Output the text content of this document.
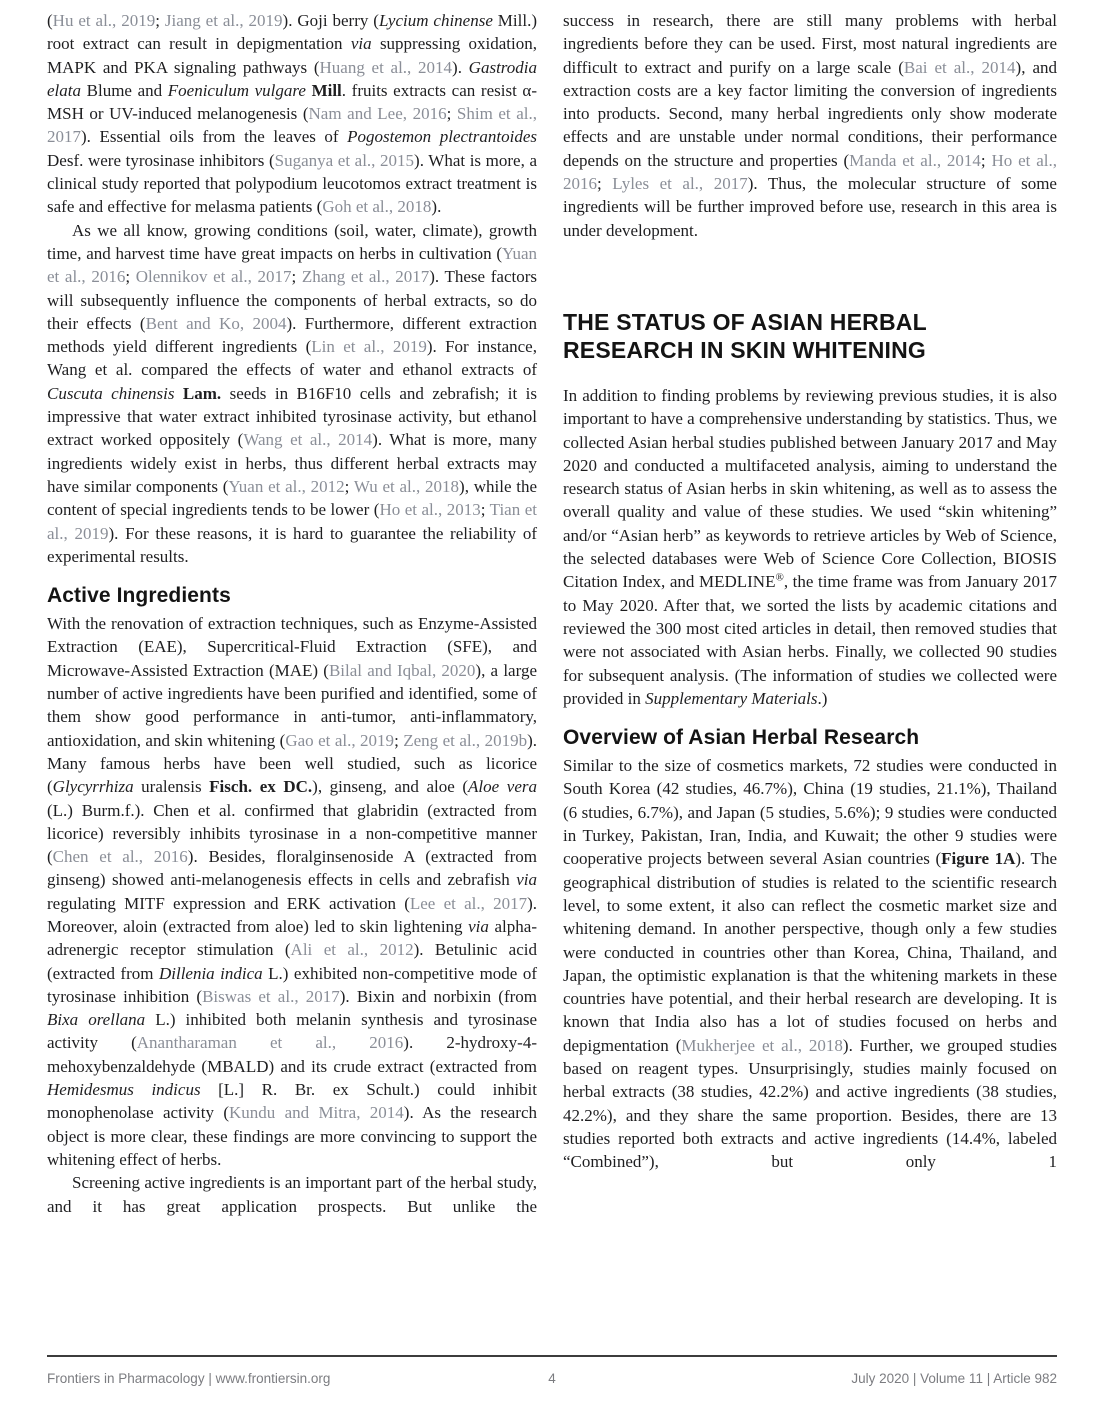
(Hu et al., 2019; Jiang et al., 2019). Goji berry (Lycium chinense Mill.) root extract can result in depigmentation via suppressing oxidation, MAPK and PKA signaling pathways (Huang et al., 2014). Gastrodia elata Blume and Foeniculum vulgare Mill. fruits extracts can resist α-MSH or UV-induced melanogenesis (Nam and Lee, 2016; Shim et al., 2017). Essential oils from the leaves of Pogostemon plectrantoides Desf. were tyrosinase inhibitors (Suganya et al., 2015). What is more, a clinical study reported that polypodium leucotomos extract treatment is safe and effective for melasma patients (Goh et al., 2018).

As we all know, growing conditions (soil, water, climate), growth time, and harvest time have great impacts on herbs in cultivation (Yuan et al., 2016; Olennikov et al., 2017; Zhang et al., 2017). These factors will subsequently influence the components of herbal extracts, so do their effects (Bent and Ko, 2004). Furthermore, different extraction methods yield different ingredients (Lin et al., 2019). For instance, Wang et al. compared the effects of water and ethanol extracts of Cuscuta chinensis Lam. seeds in B16F10 cells and zebrafish; it is impressive that water extract inhibited tyrosinase activity, but ethanol extract worked oppositely (Wang et al., 2014). What is more, many ingredients widely exist in herbs, thus different herbal extracts may have similar components (Yuan et al., 2012; Wu et al., 2018), while the content of special ingredients tends to be lower (Ho et al., 2013; Tian et al., 2019). For these reasons, it is hard to guarantee the reliability of experimental results.

Active Ingredients

With the renovation of extraction techniques, such as Enzyme-Assisted Extraction (EAE), Supercritical-Fluid Extraction (SFE), and Microwave-Assisted Extraction (MAE) (Bilal and Iqbal, 2020), a large number of active ingredients have been purified and identified, some of them show good performance in anti-tumor, anti-inflammatory, antioxidation, and skin whitening (Gao et al., 2019; Zeng et al., 2019b). Many famous herbs have been well studied, such as licorice (Glycyrrhiza uralensis Fisch. ex DC.), ginseng, and aloe (Aloe vera (L.) Burm.f.). Chen et al. confirmed that glabridin (extracted from licorice) reversibly inhibits tyrosinase in a non-competitive manner (Chen et al., 2016). Besides, floralginsenoside A (extracted from ginseng) showed anti-melanogenesis effects in cells and zebrafish via regulating MITF expression and ERK activation (Lee et al., 2017). Moreover, aloin (extracted from aloe) led to skin lightening via alpha-adrenergic receptor stimulation (Ali et al., 2012). Betulinic acid (extracted from Dillenia indica L.) exhibited non-competitive mode of tyrosinase inhibition (Biswas et al., 2017). Bixin and norbixin (from Bixa orellana L.) inhibited both melanin synthesis and tyrosinase activity (Anantharaman et al., 2016). 2-hydroxy-4-mehoxybenzaldehyde (MBALD) and its crude extract (extracted from Hemidesmus indicus [L.] R. Br. ex Schult.) could inhibit monophenolase activity (Kundu and Mitra, 2014). As the research object is more clear, these findings are more convincing to support the whitening effect of herbs.

Screening active ingredients is an important part of the herbal study, and it has great application prospects. But unlike the

success in research, there are still many problems with herbal ingredients before they can be used. First, most natural ingredients are difficult to extract and purify on a large scale (Bai et al., 2014), and extraction costs are a key factor limiting the conversion of ingredients into products. Second, many herbal ingredients only show moderate effects and are unstable under normal conditions, their performance depends on the structure and properties (Manda et al., 2014; Ho et al., 2016; Lyles et al., 2017). Thus, the molecular structure of some ingredients will be further improved before use, research in this area is under development.

THE STATUS OF ASIAN HERBAL RESEARCH IN SKIN WHITENING

In addition to finding problems by reviewing previous studies, it is also important to have a comprehensive understanding by statistics. Thus, we collected Asian herbal studies published between January 2017 and May 2020 and conducted a multifaceted analysis, aiming to understand the research status of Asian herbs in skin whitening, as well as to assess the overall quality and value of these studies. We used “skin whitening” and/or “Asian herb” as keywords to retrieve articles by Web of Science, the selected databases were Web of Science Core Collection, BIOSIS Citation Index, and MEDLINE®, the time frame was from January 2017 to May 2020. After that, we sorted the lists by academic citations and reviewed the 300 most cited articles in detail, then removed studies that were not associated with Asian herbs. Finally, we collected 90 studies for subsequent analysis. (The information of studies we collected were provided in Supplementary Materials.)

Overview of Asian Herbal Research

Similar to the size of cosmetics markets, 72 studies were conducted in South Korea (42 studies, 46.7%), China (19 studies, 21.1%), Thailand (6 studies, 6.7%), and Japan (5 studies, 5.6%); 9 studies were conducted in Turkey, Pakistan, Iran, India, and Kuwait; the other 9 studies were cooperative projects between several Asian countries (Figure 1A). The geographical distribution of studies is related to the scientific research level, to some extent, it also can reflect the cosmetic market size and whitening demand. In another perspective, though only a few studies were conducted in countries other than Korea, China, Thailand, and Japan, the optimistic explanation is that the whitening markets in these countries have potential, and their herbal research are developing. It is known that India also has a lot of studies focused on herbs and depigmentation (Mukherjee et al., 2018). Further, we grouped studies based on reagent types. Unsurprisingly, studies mainly focused on herbal extracts (38 studies, 42.2%) and active ingredients (38 studies, 42.2%), and they share the same proportion. Besides, there are 13 studies reported both extracts and active ingredients (14.4%, labeled “Combined”), but only 1

Frontiers in Pharmacology | www.frontiersin.org	4	July 2020 | Volume 11 | Article 982
